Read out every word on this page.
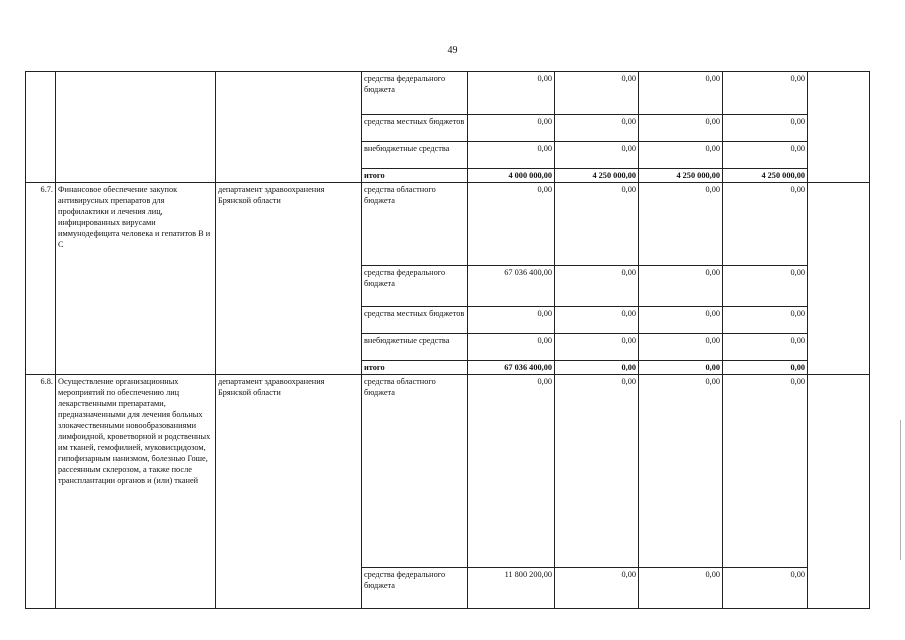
49
			средства федерального бюджета	0,00	0,00	0,00	0,00	
			средства местных бюджетов	0,00	0,00	0,00	0,00	
			внебюджетные средства	0,00	0,00	0,00	0,00	
			итого	4 000 000,00	4 250 000,00	4 250 000,00	4 250 000,00	
6.7.	Финансовое обеспечение закупок антивирусных препаратов для профилактики и лечения лиц, инфицированных вирусами иммунодефицита человека и гепатитов В и С	департамент здравоохранения Брянской области	средства областного бюджета	0,00	0,00	0,00	0,00	
			средства федерального бюджета	67 036 400,00	0,00	0,00	0,00	
			средства местных бюджетов	0,00	0,00	0,00	0,00	
			внебюджетные средства	0,00	0,00	0,00	0,00	
			итого	67 036 400,00	0,00	0,00	0,00	
6.8.	Осуществление организационных мероприятий по обеспечению лиц лекарственными препаратами, предназначенными для лечения больных злокачественными новообразованиями лимфоидной, кроветворной и родственных им тканей, гемофилией, муковисцидозом, гипофизарным нанизмом, болезнью Гоше, рассеянным склерозом, а также после трансплантации органов и (или) тканей	департамент здравоохранения Брянской области	средства областного бюджета	0,00	0,00	0,00	0,00	
			средства федерального бюджета	11 800 200,00	0,00	0,00	0,00	
